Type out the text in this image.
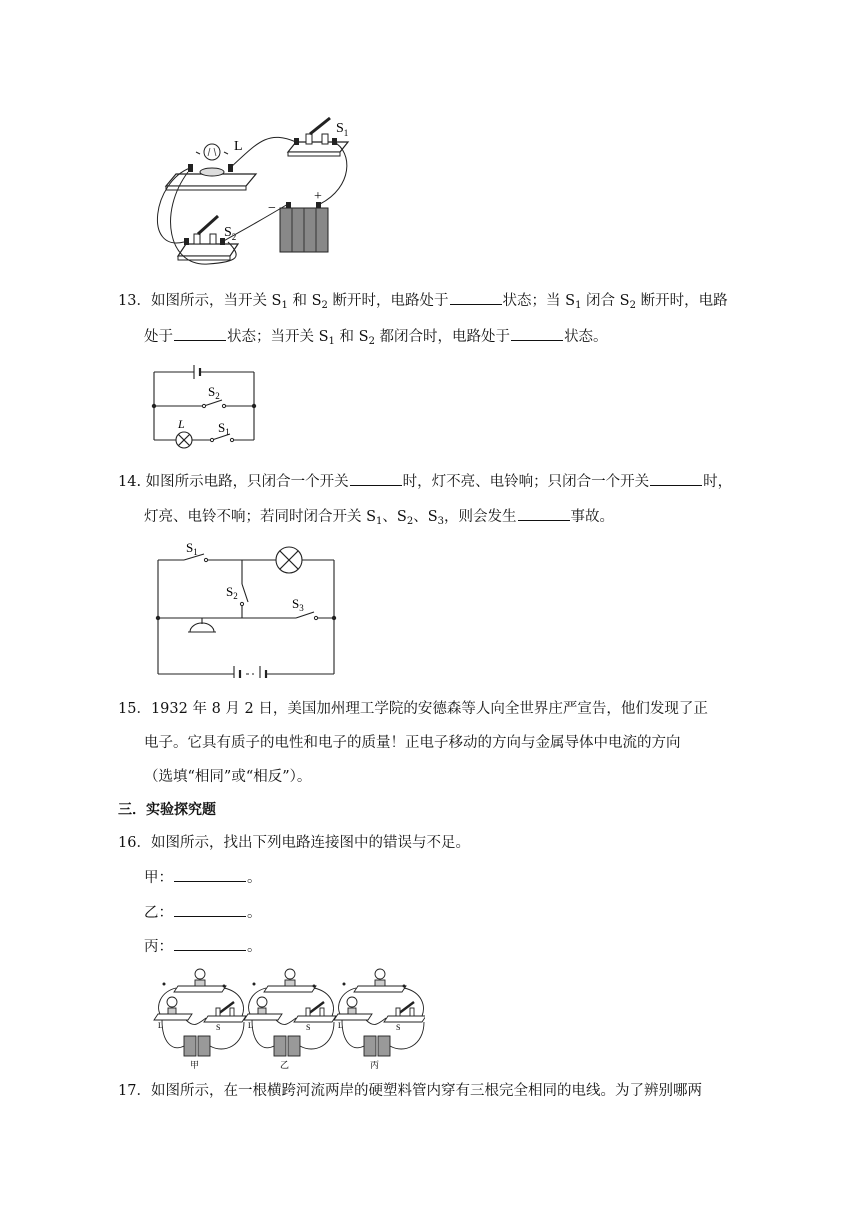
L
$S_1$
+
−
$S_2$
13．如图所示，当开关 $S_1$ 和 $S_2$ 断开时，电路处于	状态；当 $S_1$ 闭合 $S_2$ 断开时，电路
处于	状态；当开关 $S_1$ 和 $S_2$ 都闭合时，电路处于	状态。
$S_2$
L	$S_1$
14. 如图所示电路，只闭合一个开关	时，灯不亮、电铃响；只闭合一个开关	时，
灯亮、电铃不响；若同时闭合开关 $S_1$、$S_2$、$S_3$，则会发生	事故。
$S_1$
$S_2$	$S_3$
15．1932 年 8 月 2 日，美国加州理工学院的安德森等人向全世界庄严宣告，他们发现了正
电子。它具有质子的电性和电子的质量！正电子移动的方向与金属导体中电流的方向
（选填“相同”或“相反”）。
三．实验探究题
16．如图所示，找出下列电路连接图中的错误与不足。
甲：	。
乙：	。
丙：	。
L	S	L	S	L	S
甲	乙	丙
17．如图所示，在一根横跨河流两岸的硬塑料管内穿有三根完全相同的电线。为了辨别哪两
